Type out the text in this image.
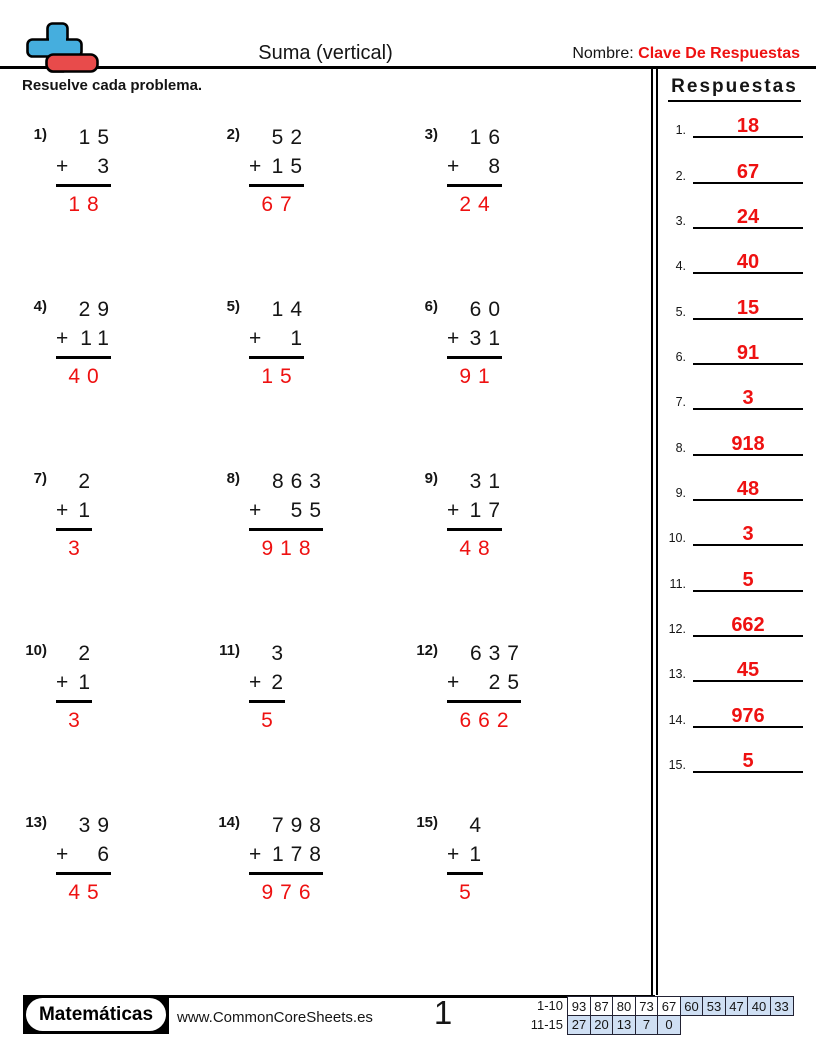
Suma (vertical)	Nombre: Clave De Respuestas
Resuelve cada problema.
1)	15
+ 3
18
2)	52
+ 15
67
3)	16
+ 8
24
4)	29
+ 11
40
5)	14
+ 1
15
6)	60
+ 31
91
7)	2
+ 1
3
8)	863
+ 55
918
9)	31
+ 17
48
10)	2
+ 1
3
11)	3
+ 2
5
12)	637
+ 25
662
13)	39
+ 6
45
14)	798
+ 178
976
15)	4
+ 1
5
Respuestas
1.	18
2.	67
3.	24
4.	40
5.	15
6.	91
7.	3
8.	918
9.	48
10.	3
11.	5
12.	662
13.	45
14.	976
15.	5
Matemáticas	www.CommonCoreSheets.es	1	1-10 93 87 80 73 67 60 53 47 40 33
11-15 27 20 13 7	0
